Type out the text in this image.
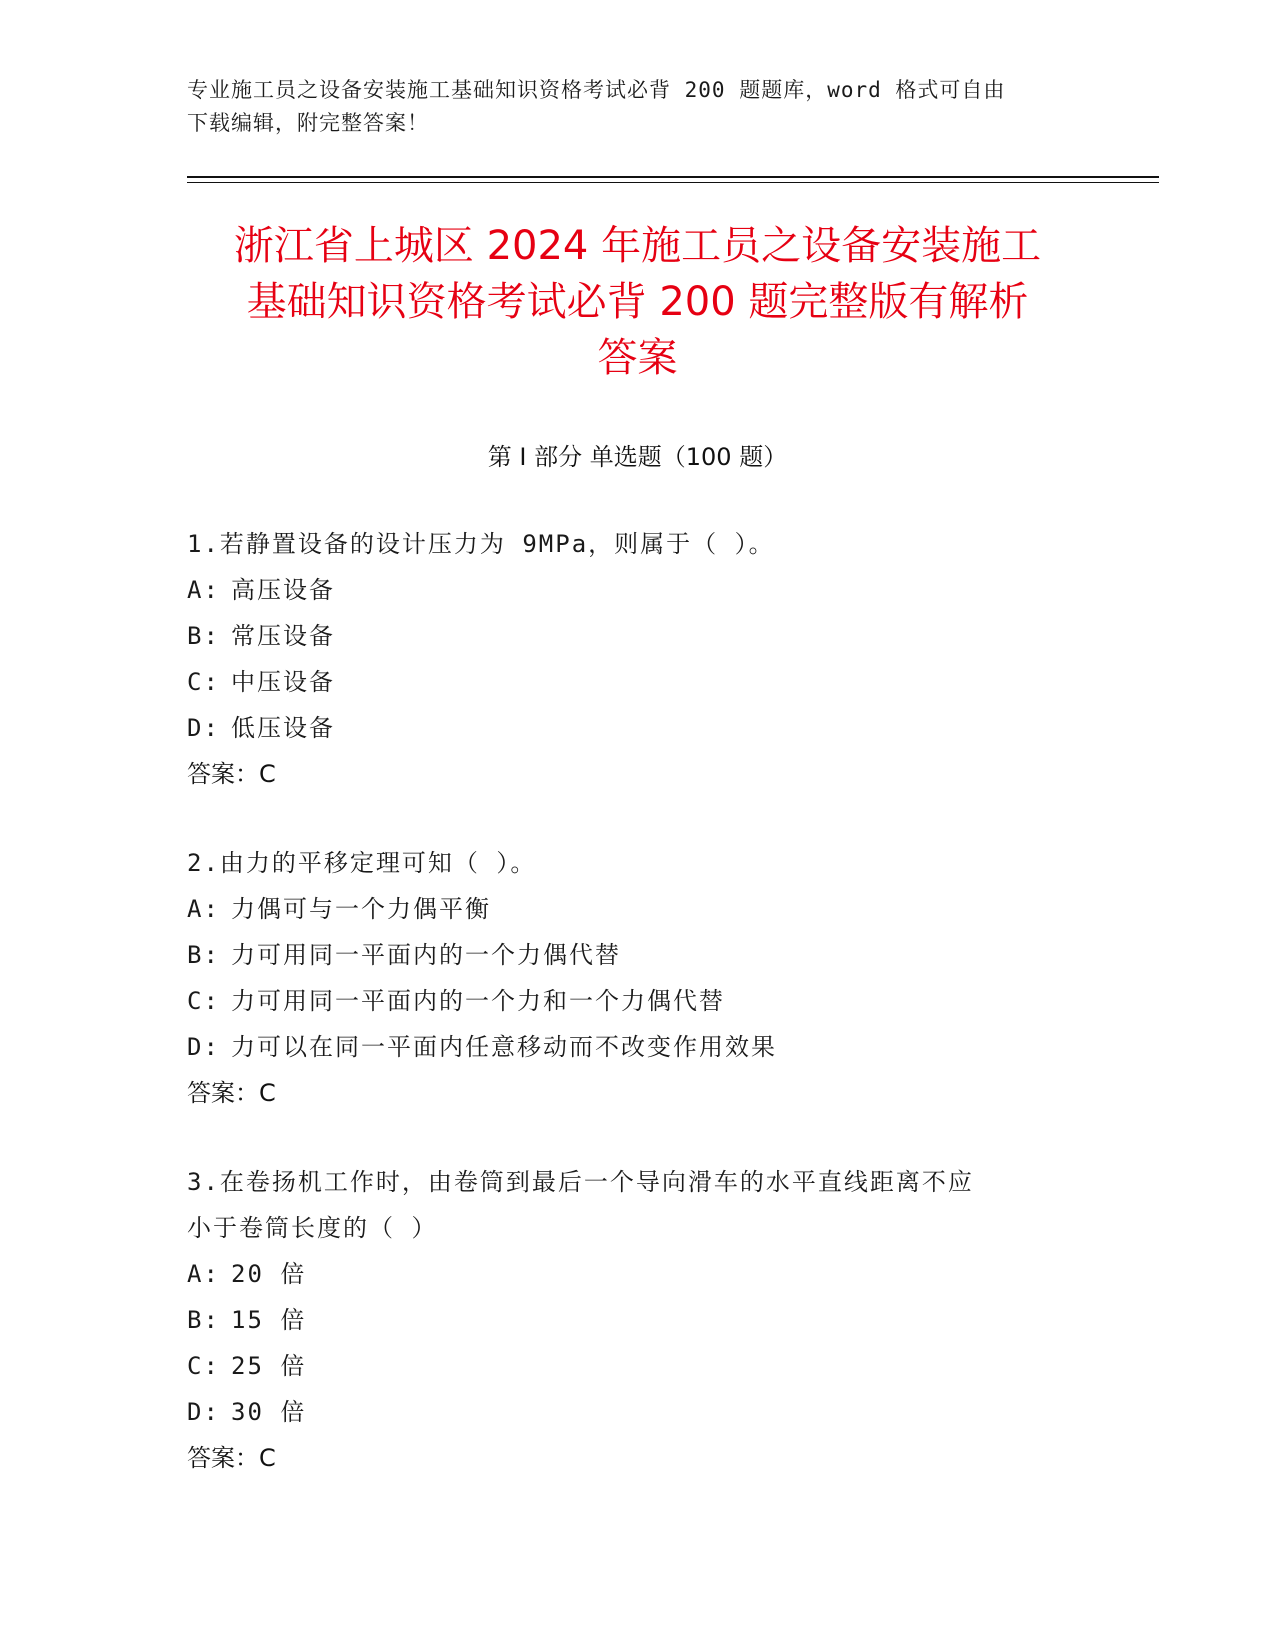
专业施工员之设备安装施工基础知识资格考试必背 200 题题库，word 格式可自由
下载编辑，附完整答案！
浙江省上城区 2024 年施工员之设备安装施工
基础知识资格考试必背 200 题完整版有解析
答案
第 I 部分 单选题（100 题）
1.若静置设备的设计压力为 9MPa，则属于（ ）。
A: 高压设备
B: 常压设备
C: 中压设备
D: 低压设备
答案：C
2.由力的平移定理可知（ ）。
A: 力偶可与一个力偶平衡
B: 力可用同一平面内的一个力偶代替
C: 力可用同一平面内的一个力和一个力偶代替
D: 力可以在同一平面内任意移动而不改变作用效果
答案：C
3.在卷扬机工作时，由卷筒到最后一个导向滑车的水平直线距离不应
小于卷筒长度的（ ）
A: 20 倍
B: 15 倍
C: 25 倍
D: 30 倍
答案：C
